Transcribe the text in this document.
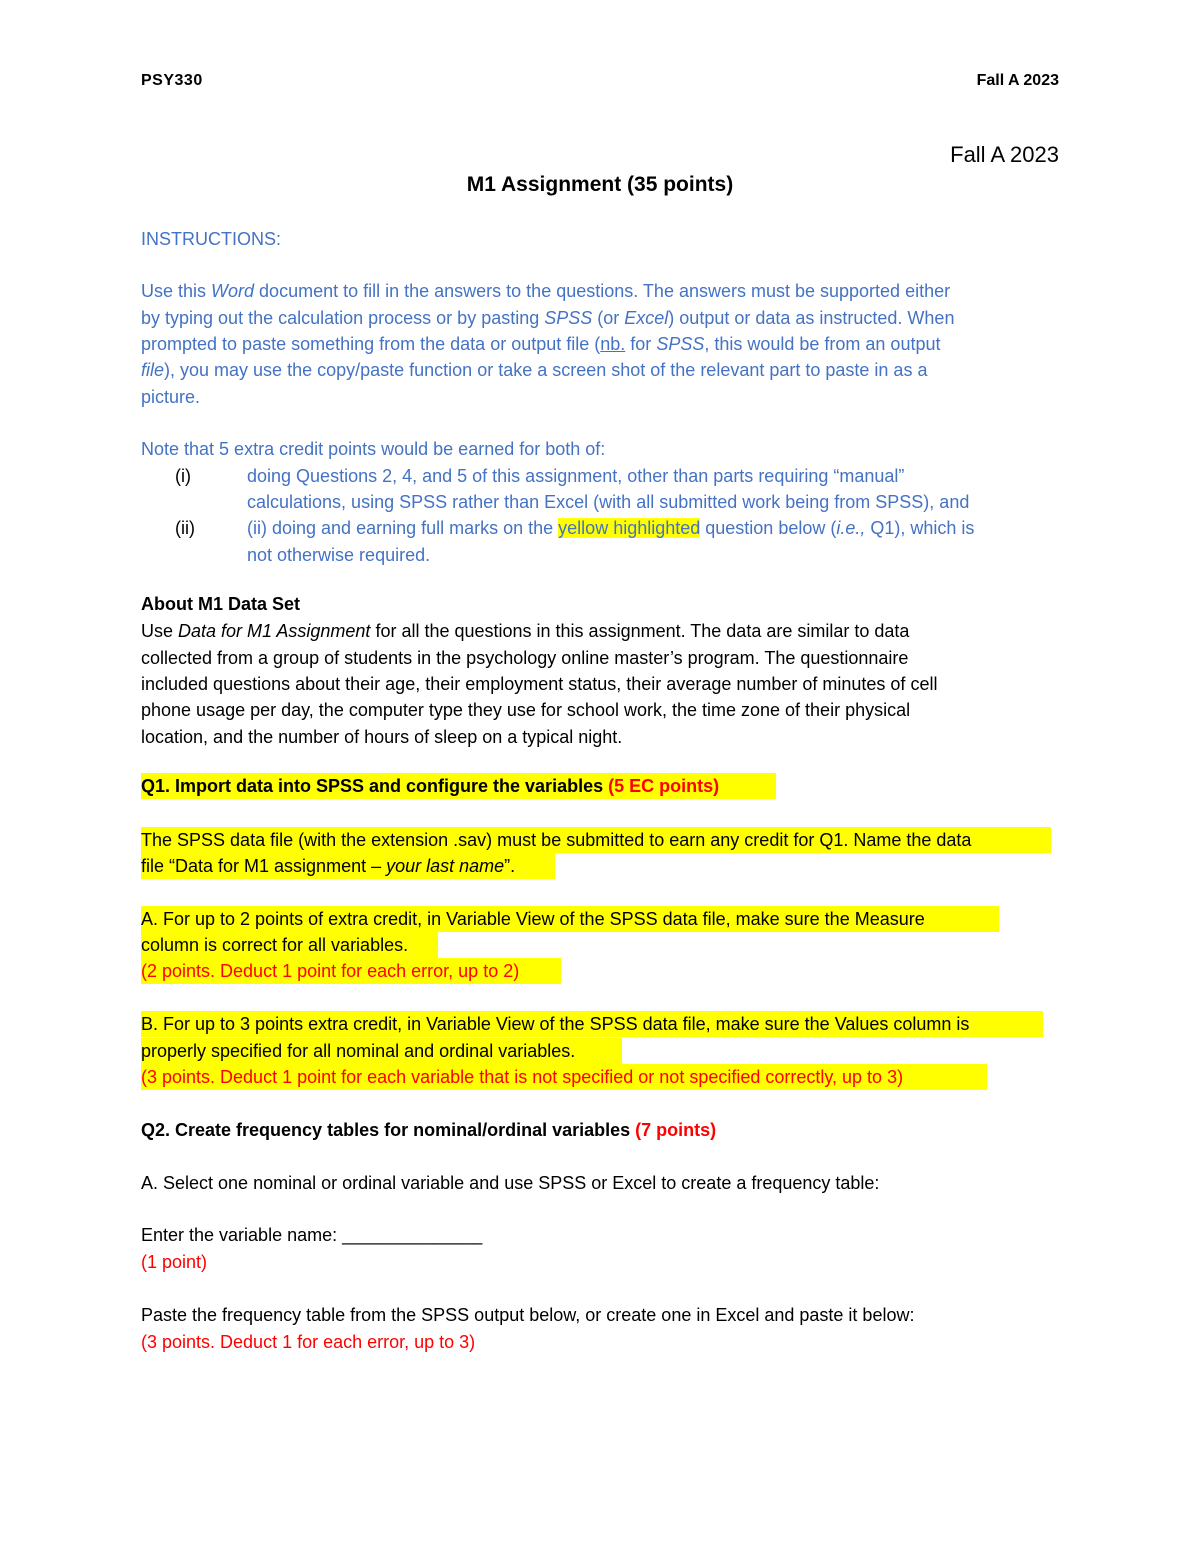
PSY330	Fall A 2023
Fall A 2023
M1 Assignment (35 points)
INSTRUCTIONS:
Use this Word document to fill in the answers to the questions. The answers must be supported either
by typing out the calculation process or by pasting SPSS (or Excel) output or data as instructed. When
prompted to paste something from the data or output file (nb. for SPSS, this would be from an output
file), you may use the copy/paste function or take a screen shot of the relevant part to paste in as a
picture.
Note that 5 extra credit points would be earned for both of:
(i)	doing Questions 2, 4, and 5 of this assignment, other than parts requiring “manual”
calculations, using SPSS rather than Excel (with all submitted work being from SPSS), and
(ii)	(ii) doing and earning full marks on the yellow highlighted question below (i.e., Q1), which is
not otherwise required.
About M1 Data Set
Use Data for M1 Assignment for all the questions in this assignment. The data are similar to data
collected from a group of students in the psychology online master’s program. The questionnaire
included questions about their age, their employment status, their average number of minutes of cell
phone usage per day, the computer type they use for school work, the time zone of their physical
location, and the number of hours of sleep on a typical night.
Q1. Import data into SPSS and configure the variables (5 EC points)
The SPSS data file (with the extension .sav) must be submitted to earn any credit for Q1. Name the data
file “Data for M1 assignment – your last name”.
A. For up to 2 points of extra credit, in Variable View of the SPSS data file, make sure the Measure
column is correct for all variables.
(2 points. Deduct 1 point for each error, up to 2)
B. For up to 3 points extra credit, in Variable View of the SPSS data file, make sure the Values column is
properly specified for all nominal and ordinal variables.
(3 points. Deduct 1 point for each variable that is not specified or not specified correctly, up to 3)
Q2. Create frequency tables for nominal/ordinal variables (7 points)
A. Select one nominal or ordinal variable and use SPSS or Excel to create a frequency table:
Enter the variable name: ______________
(1 point)
Paste the frequency table from the SPSS output below, or create one in Excel and paste it below:
(3 points. Deduct 1 for each error, up to 3)
